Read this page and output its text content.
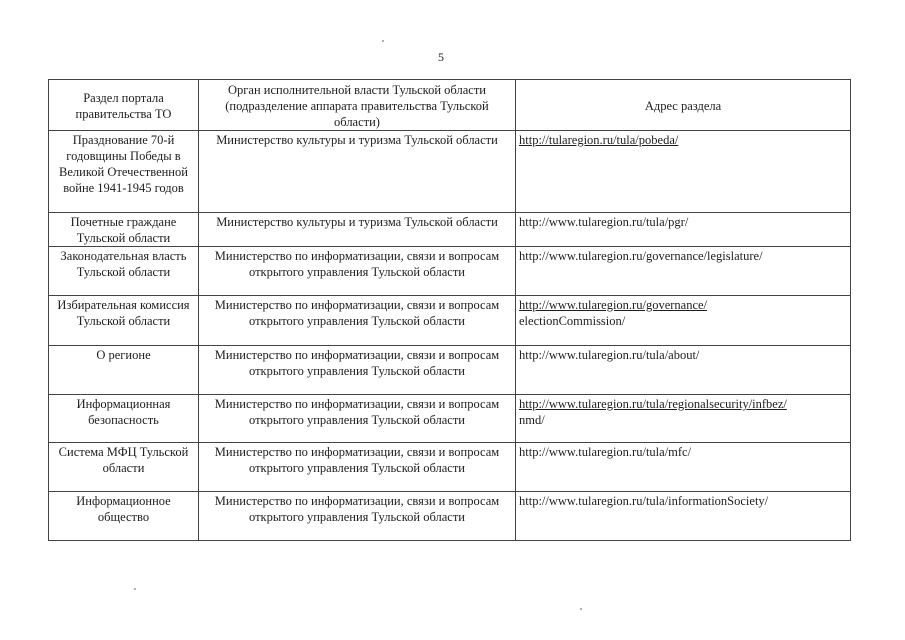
5
Раздел портала правительства ТО	Орган исполнительной власти Тульской области (подразделение аппарата правительства Тульской области)	Адрес раздела
Празднование 70-й годовщины Победы в Великой Отечественной войне 1941-1945 годов	Министерство культуры и туризма Тульской области	http://tularegion.ru/tula/pobeda/
Почетные граждане Тульской области	Министерство культуры и туризма Тульской области	http://www.tularegion.ru/tula/pgr/
Законодательная власть Тульской области	Министерство по информатизации, связи и вопросам открытого управления Тульской области	http://www.tularegion.ru/governance/legislature/
Избирательная комиссия Тульской области	Министерство по информатизации, связи и вопросам открытого управления Тульской области	http://www.tularegion.ru/governance/
electionCommission/
О регионе	Министерство по информатизации, связи и вопросам открытого управления Тульской области	http://www.tularegion.ru/tula/about/
Информационная безопасность	Министерство по информатизации, связи и вопросам открытого управления Тульской области	http://www.tularegion.ru/tula/regionalsecurity/infbez/
nmd/
Система МФЦ Тульской области	Министерство по информатизации, связи и вопросам открытого управления Тульской области	http://www.tularegion.ru/tula/mfc/
Информационное общество	Министерство по информатизации, связи и вопросам открытого управления Тульской области	http://www.tularegion.ru/tula/informationSociety/
